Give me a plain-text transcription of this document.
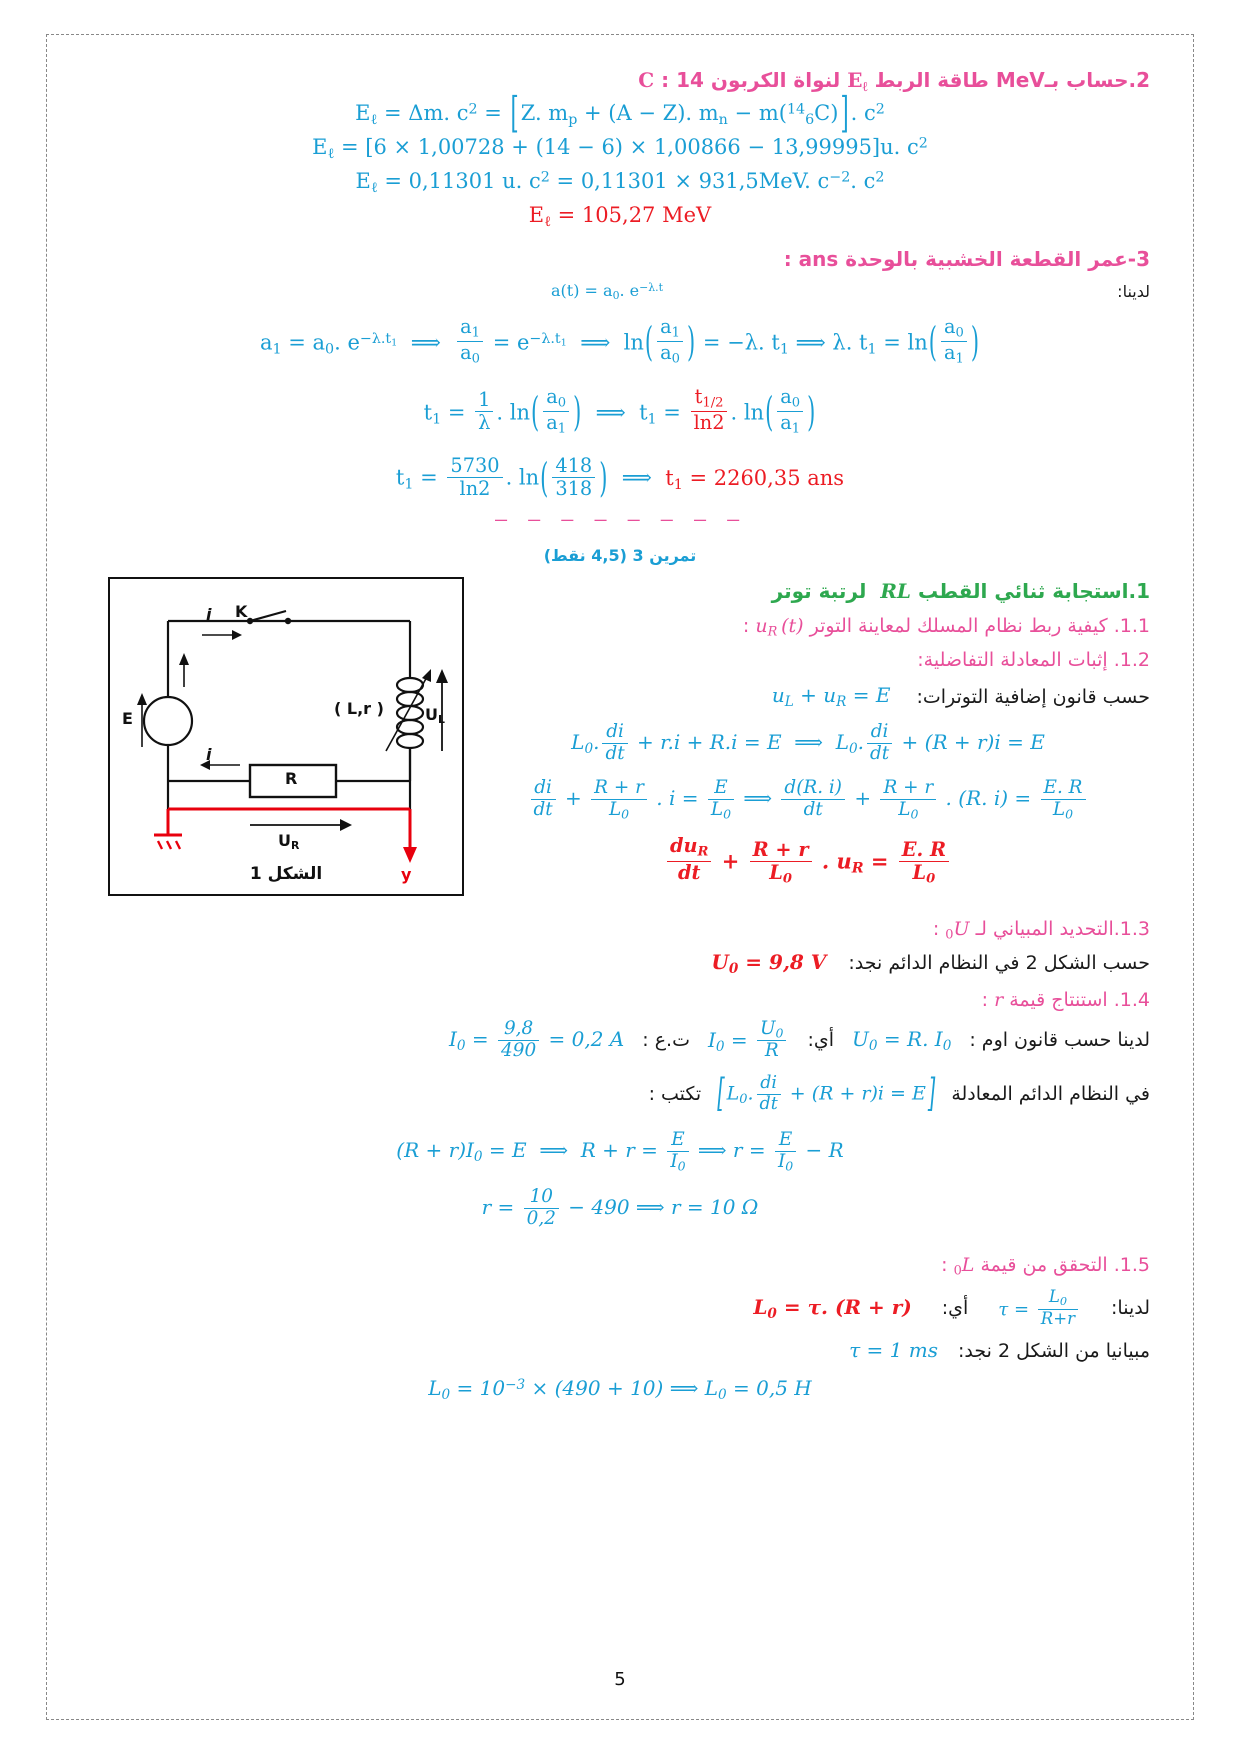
2.حساب بـMeV طاقة الربط $E_\ell$ لنواة الكربون 14 : C
$E_\ell = \Delta m$. $c^2 = [Z$. $m_p + (A - Z)$. $m_n - m(^{14}_6C)$]. $c^2$
$E_\ell = [6 \times 1,00728 + (14 - 6) \times 1,00866 - 13,99995]u$. $c^2$
$E_\ell = 0,11301$ u. $c^2 = 0,11301 \times 931,5MeV$. $c^{-2}$. $c^2$
$E_\ell = 105,27$ MeV
3-عمر القطعة الخشبية بالوحدة ans :
لدينا:
$a(t) = a_0$. $e^{-\lambda.t}$
$a_1 = a_0$. $e^{-\lambda.t_1}$  ⟹ $\frac{a_1}{a_0} = e^{-\lambda.t_1}$  ⟹  $\ln( \frac{a_1}{a_0}$ ) = −λ. $t_1$ ⟹ λ. $t_1 = \ln( \frac{a_0}{a_1}$ )
$t_1 = \frac{1}{\lambda}$ . $\ln( \frac{a_0}{a_1}$ )  ⟹  $t_1 = \frac{t_{1/2}}{\ln 2}$ . $\ln( \frac{a_0}{a_1}$ )
$t_1 = \frac{5730}{\ln 2}$ . $\ln( \frac{418}{318}$ )  ⟹  $t_1 = 2260,35$ ans
− − − − − − − −
تمرين 3 (4,5 نقط)
K
i
i
E
( L,r )	$U_L$
R
$U_R$
y
الشكل 1
1.استجابة ثنائي القطب RL  لرتبة توتر
1.1. كيفية ربط نظام المسلك لمعاينة التوتر $u_R$ (t) :
1.2. إثبات المعادلة التفاضلية:
حسب قانون إضافية التوترات:
$u_L + u_R = E$
$L_0$. $\frac{di}{dt} + r.i + R.i = E$  ⟹  $L_0$. $\frac{di}{dt} + (R + r)i = E$
$\frac{di}{dt} + \frac{R + r}{L_0}$ . $i = \frac{E}{L_0}$ ⟹ $\frac{d(R. i)}{dt} + \frac{R + r}{L_0}$ . (R. $i) = \frac{E. R}{L_0}$
$\frac{du_R}{dt} + \frac{R + r}{L_0}$ . $u_R = \frac{E. R}{L_0}$
1.3.التحديد المبياني لـ $U_0$ :
حسب الشكل 2 في النظام الدائم نجد: $U_0 = 9,8$ V
1.4. استنتاج قيمة r :
لدينا حسب قانون اوم :
$U_0 = R$. $I_0$
أي:
$I_0 = \frac{U_0}{R}$
ت.ع :
$I_0 = \frac{9,8}{490} = 0,2$ A
في النظام الدائم المعادلة
[ $L_0$. $\frac{di}{dt} + (R + r)i = E$ ]
تكتب :
$(R + r)I_0 = E$  ⟹  $R + r = \frac{E}{I_0}$ ⟹ $r = \frac{E}{I_0} - R$
$r = \frac{10}{0,2} - 490$ ⟹ r = 10 Ω
1.5. التحقق من قيمة $L_0$ :
لدينا:
$\tau = \frac{L_0}{R+r}$
أي:
$L_0 = \tau$. (R + r)
مبيانيا من الشكل 2 نجد: τ = 1 ms
$L_0 = 10^{-3} \times (490 + 10)$ ⟹ $L_0 = 0,5$ H
5
